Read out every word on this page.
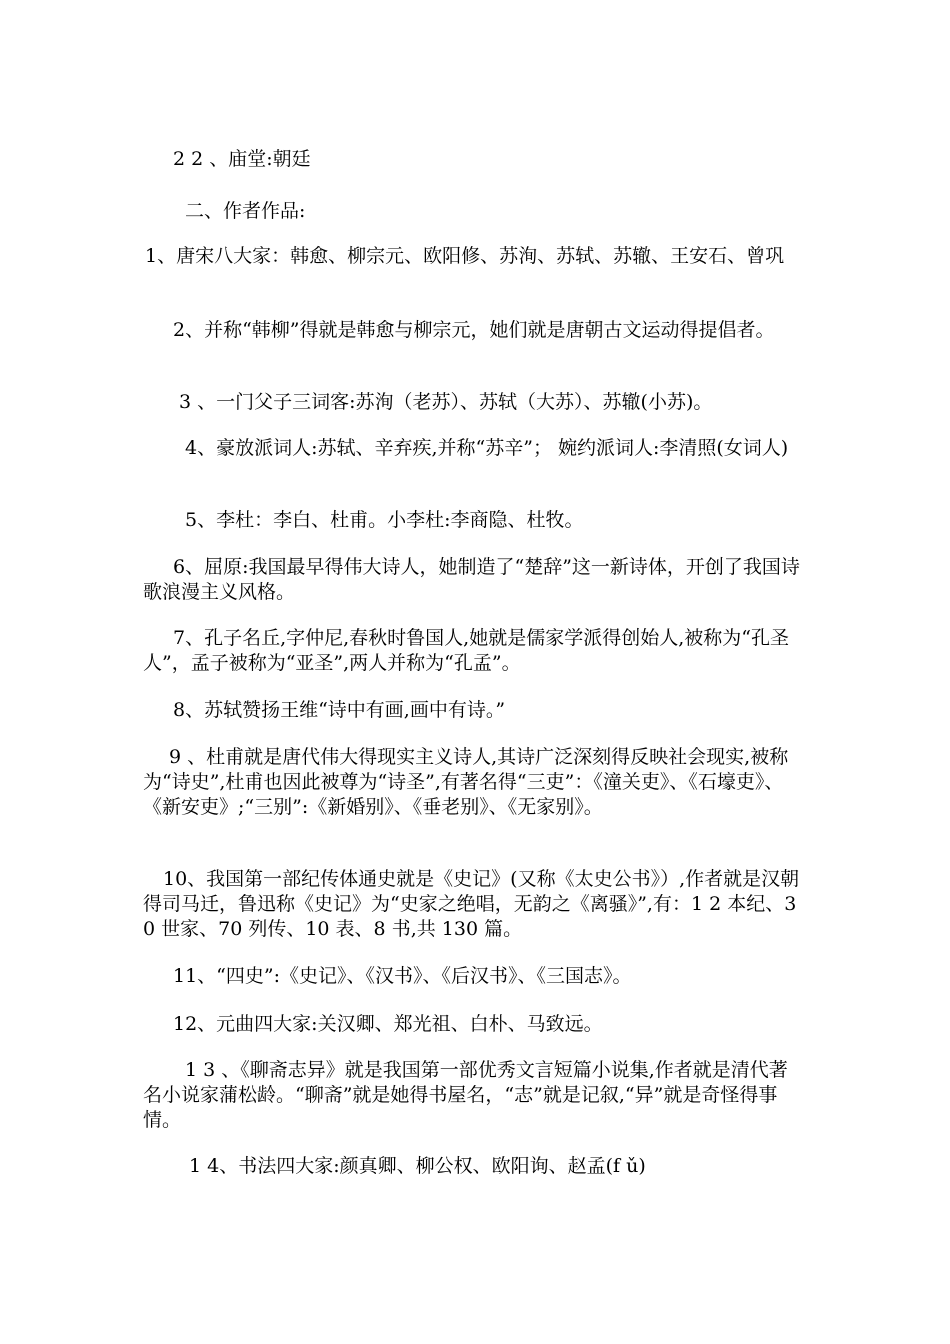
2 2 、庙堂:朝廷
二、作者作品:
1、唐宋八大家：韩愈、柳宗元、欧阳修、苏洵、苏轼、苏辙、王安石、曾巩
2、并称“韩柳”得就是韩愈与柳宗元，她们就是唐朝古文运动得提倡者。
3 、一门父子三词客:苏洵（老苏）、苏轼（大苏）、苏辙(小苏)。
4、豪放派词人:苏轼、辛弃疾,并称“苏辛”； 婉约派词人:李清照(女词人)
5、李杜：李白、杜甫。小李杜:李商隐、杜牧。
6、屈原:我国最早得伟大诗人，她制造了“楚辞”这一新诗体，开创了我国诗歌浪漫主义风格。
7、孔子名丘,字仲尼,春秋时鲁国人,她就是儒家学派得创始人,被称为“孔圣人”，孟子被称为“亚圣”,两人并称为“孔孟”。
8、苏轼赞扬王维“诗中有画,画中有诗。”
9 、杜甫就是唐代伟大得现实主义诗人,其诗广泛深刻得反映社会现实,被称为“诗史”,杜甫也因此被尊为“诗圣”,有著名得“三吏”：《潼关吏》、《石壕吏》、《新安吏》;“三别”:《新婚别》、《垂老别》、《无家别》。
10、我国第一部纪传体通史就是《史记》(又称《太史公书》）,作者就是汉朝得司马迁，鲁迅称《史记》为“史家之绝唱，无韵之《离骚》”,有：1 2 本纪、30 世家、70 列传、10 表、8 书,共 130 篇。
11、“四史”:《史记》、《汉书》、《后汉书》、《三国志》。
12、元曲四大家:关汉卿、郑光祖、白朴、马致远。
1 3 、《聊斋志异》就是我国第一部优秀文言短篇小说集,作者就是清代著名小说家蒲松龄。“聊斋”就是她得书屋名，“志”就是记叙,“异”就是奇怪得事情。
1 4、书法四大家:颜真卿、柳公权、欧阳询、赵孟(f ǔ)
